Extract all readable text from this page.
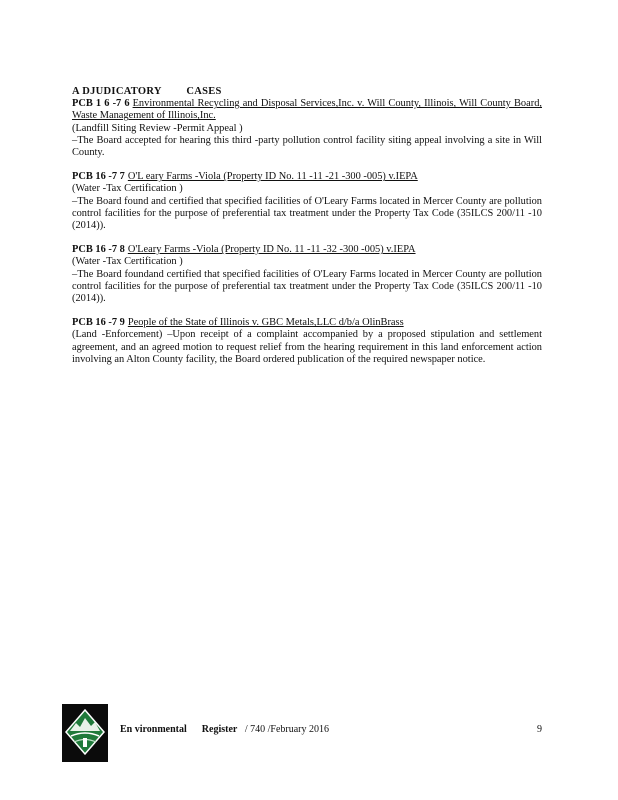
A DJUDICATORY CASES

PCB 1 6 -7 6 Environmental Recycling and Disposal Services,Inc. v. Will County, Illinois, Will County Board, Waste Management of Illinois,Inc.

(Landfill Siting Review -Permit Appeal )

–The Board accepted for hearing this third -party pollution control facility siting appeal involving a site in Will County.

PCB 16 -7 7 O'L eary Farms -Viola (Property ID No. 11 -11 -21 -300 -005) v.IEPA

(Water -Tax Certification )

–The Board found and certified that specified facilities of O'Leary Farms located in Mercer County are pollution control facilities for the purpose of preferential tax treatment under the Property Tax Code (35ILCS 200/11 -10 (2014)).

PCB 16 -7 8 O'Leary Farms -Viola (Property ID No. 11 -11 -32 -300 -005) v.IEPA

(Water -Tax Certification )

–The Board foundand certified that specified facilities of O'Leary Farms located in Mercer County are pollution control facilities for the purpose of preferential tax treatment under the Property Tax Code (35ILCS 200/11 -10 (2014)).

PCB 16 -7 9 People of the State of Illinois v. GBC Metals,LLC d/b/a OlinBrass

(Land -Enforcement) –Upon receipt of a complaint accompanied by a proposed stipulation and settlement agreement, and an agreed motion to request relief from the hearing requirement in this land enforcement action involving an Alton County facility, the Board ordered publication of the required newspaper notice.

En vironmental Register / 740 /February 2016	9
